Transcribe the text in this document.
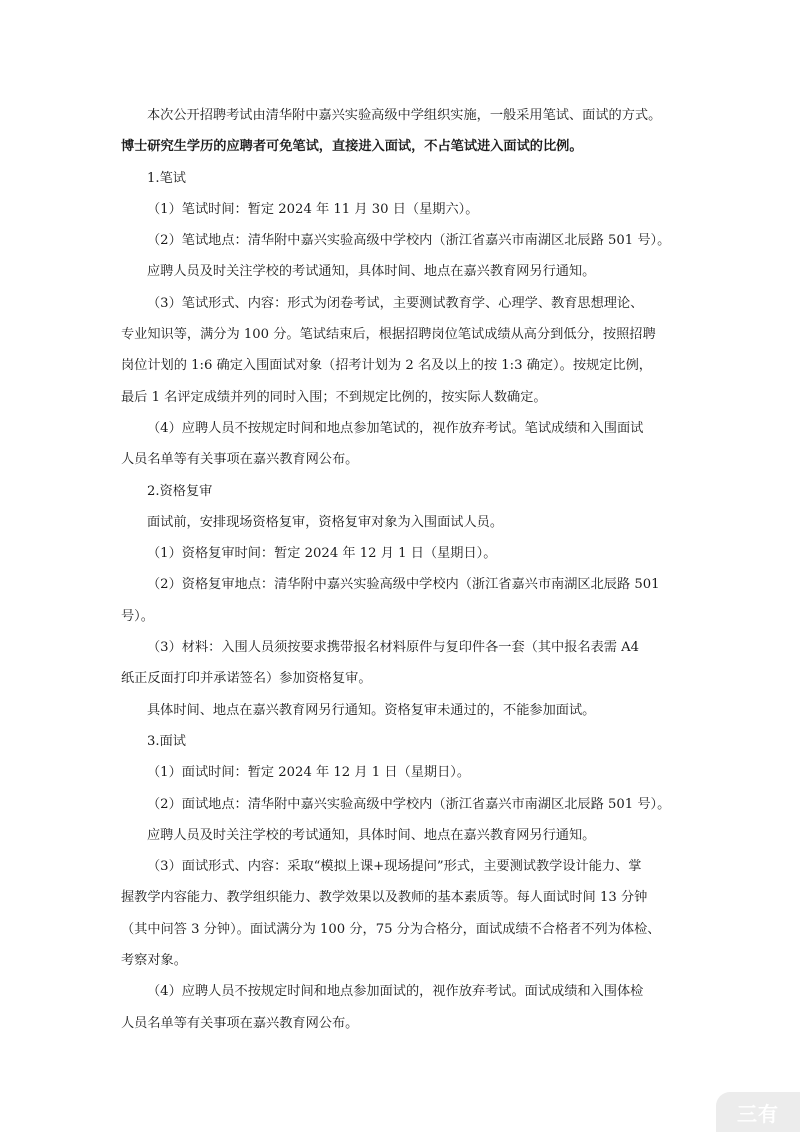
本次公开招聘考试由清华附中嘉兴实验高级中学组织实施，一般采用笔试、面试的方式。

博士研究生学历的应聘者可免笔试，直接进入面试，不占笔试进入面试的比例。

1.笔试

（1）笔试时间：暂定 2024 年 11 月 30 日（星期六）。

（2）笔试地点：清华附中嘉兴实验高级中学校内（浙江省嘉兴市南湖区北辰路 501 号）。

应聘人员及时关注学校的考试通知，具体时间、地点在嘉兴教育网另行通知。

（3）笔试形式、内容：形式为闭卷考试，主要测试教育学、心理学、教育思想理论、

专业知识等，满分为 100 分。笔试结束后，根据招聘岗位笔试成绩从高分到低分，按照招聘

岗位计划的 1:6 确定入围面试对象（招考计划为 2 名及以上的按 1:3 确定）。按规定比例，

最后 1 名评定成绩并列的同时入围；不到规定比例的，按实际人数确定。

（4）应聘人员不按规定时间和地点参加笔试的，视作放弃考试。笔试成绩和入围面试

人员名单等有关事项在嘉兴教育网公布。

2.资格复审

面试前，安排现场资格复审，资格复审对象为入围面试人员。

（1）资格复审时间：暂定 2024 年 12 月 1 日（星期日）。

（2）资格复审地点：清华附中嘉兴实验高级中学校内（浙江省嘉兴市南湖区北辰路 501

号）。

（3）材料：入围人员须按要求携带报名材料原件与复印件各一套（其中报名表需 A4

纸正反面打印并承诺签名）参加资格复审。

具体时间、地点在嘉兴教育网另行通知。资格复审未通过的，不能参加面试。

3.面试

（1）面试时间：暂定 2024 年 12 月 1 日（星期日）。

（2）面试地点：清华附中嘉兴实验高级中学校内（浙江省嘉兴市南湖区北辰路 501 号）。

应聘人员及时关注学校的考试通知，具体时间、地点在嘉兴教育网另行通知。

（3）面试形式、内容：采取“模拟上课+现场提问”形式，主要测试教学设计能力、掌

握教学内容能力、教学组织能力、教学效果以及教师的基本素质等。每人面试时间 13 分钟

（其中问答 3 分钟）。面试满分为 100 分，75 分为合格分，面试成绩不合格者不列为体检、

考察对象。

（4）应聘人员不按规定时间和地点参加面试的，视作放弃考试。面试成绩和入围体检

人员名单等有关事项在嘉兴教育网公布。

三有
